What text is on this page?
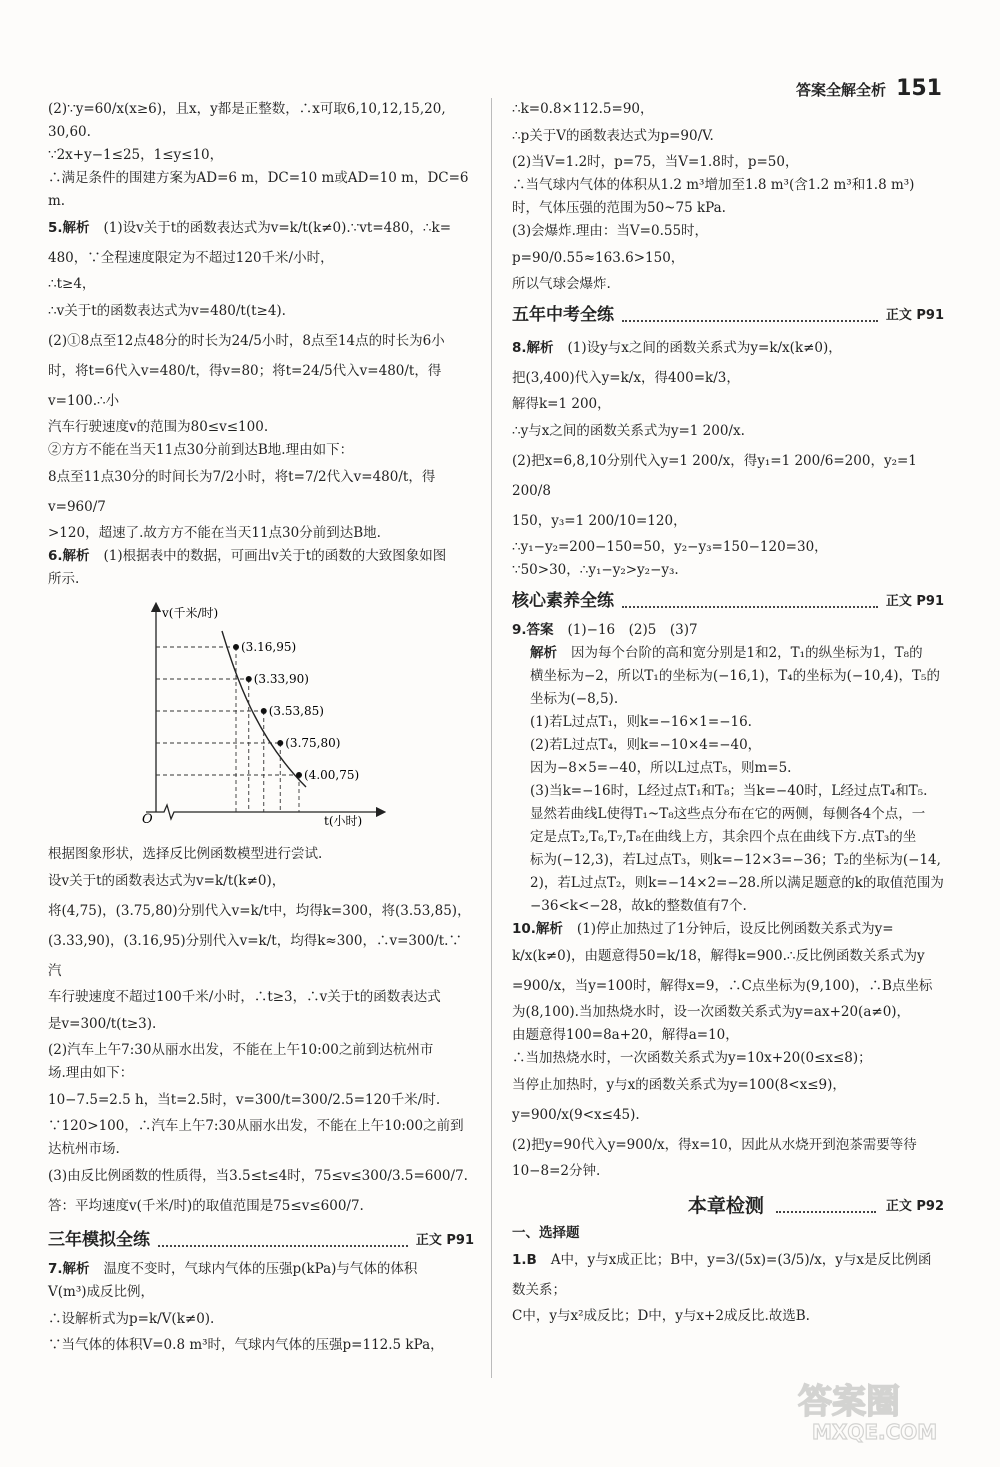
答案全解全析 151

(2)∵y=60/x(x≥6)，且x，y都是正整数，∴x可取6,10,12,15,20,

30,60.

∵2x+y−1≤25，1≤y≤10，

∴满足条件的围建方案为AD=6 m，DC=10 m或AD=10 m，DC=6 m.

5.解析 (1)设v关于t的函数表达式为v=k/t(k≠0).∵vt=480，∴k=

480，∵全程速度限定为不超过120千米/小时，

∴t≥4，

∴v关于t的函数表达式为v=480/t(t≥4).

(2)①8点至12点48分的时长为24/5小时，8点至14点的时长为6小

时，将t=6代入v=480/t，得v=80；将t=24/5代入v=480/t，得v=100.∴小

汽车行驶速度v的范围为80≤v≤100.

②方方不能在当天11点30分前到达B地.理由如下：

8点至11点30分的时间长为7/2小时，将t=7/2代入v=480/t，得v=960/7

>120，超速了.故方方不能在当天11点30分前到达B地.

6.解析 (1)根据表中的数据，可画出v关于t的函数的大致图象如图

所示.

v(千米/时)
t(小时)
O
(3.16,95)
(3.33,90)
(3.53,85)
(3.75,80)
(4.00,75)

根据图象形状，选择反比例函数模型进行尝试.

设v关于t的函数表达式为v=k/t(k≠0)，

将(4,75)，(3.75,80)分别代入v=k/t中，均得k=300，将(3.53,85)，

(3.33,90)，(3.16,95)分别代入v=k/t，均得k≈300，∴v=300/t.∵汽

车行驶速度不超过100千米/小时，∴t≥3，∴v关于t的函数表达式

是v=300/t(t≥3).

(2)汽车上午7:30从丽水出发，不能在上午10:00之前到达杭州市

场.理由如下：

10−7.5=2.5 h，当t=2.5时，v=300/t=300/2.5=120千米/时.

∵120>100，∴汽车上午7:30从丽水出发，不能在上午10:00之前到

达杭州市场.

(3)由反比例函数的性质得，当3.5≤t≤4时，75≤v≤300/3.5=600/7.

答：平均速度v(千米/时)的取值范围是75≤v≤600/7.

三年模拟全练	正文 P91

7.解析 温度不变时，气球内气体的压强p(kPa)与气体的体积

V(m³)成反比例，

∴设解析式为p=k/V(k≠0).

∵当气体的体积V=0.8 m³时，气球内气体的压强p=112.5 kPa，

∴k=0.8×112.5=90，

∴p关于V的函数表达式为p=90/V.

(2)当V=1.2时，p=75，当V=1.8时，p=50，

∴当气球内气体的体积从1.2 m³增加至1.8 m³(含1.2 m³和1.8 m³)

时，气体压强的范围为50~75 kPa.

(3)会爆炸.理由：当V=0.55时，

p=90/0.55≈163.6>150，

所以气球会爆炸.

五年中考全练	正文 P91

8.解析 (1)设y与x之间的函数关系式为y=k/x(k≠0)，

把(3,400)代入y=k/x，得400=k/3，

解得k=1 200，

∴y与x之间的函数关系式为y=1 200/x.

(2)把x=6,8,10分别代入y=1 200/x，得y₁=1 200/6=200，y₂=1 200/8

150，y₃=1 200/10=120，

∴y₁−y₂=200−150=50，y₂−y₃=150−120=30，

∵50>30，∴y₁−y₂>y₂−y₃.

核心素养全练	正文 P91

9.答案 (1)−16　(2)5　(3)7

解析 因为每个台阶的高和宽分别是1和2，T₁的纵坐标为1，T₈的

横坐标为−2，所以T₁的坐标为(−16,1)，T₄的坐标为(−10,4)，T₅的

坐标为(−8,5).

(1)若L过点T₁，则k=−16×1=−16.

(2)若L过点T₄，则k=−10×4=−40，

因为−8×5=−40，所以L过点T₅，则m=5.

(3)当k=−16时，L经过点T₁和T₈；当k=−40时，L经过点T₄和T₅.

显然若曲线L使得T₁~T₈这些点分布在它的两侧，每侧各4个点，一

定是点T₂,T₆,T₇,T₈在曲线上方，其余四个点在曲线下方.点T₃的坐

标为(−12,3)，若L过点T₃，则k=−12×3=−36；T₂的坐标为(−14,

2)，若L过点T₂，则k=−14×2=−28.所以满足题意的k的取值范围为

−36<k<−28，故k的整数值有7个.

10.解析 (1)停止加热过了1分钟后，设反比例函数关系式为y=

k/x(k≠0)，由题意得50=k/18，解得k=900.∴反比例函数关系式为y

=900/x，当y=100时，解得x=9，∴C点坐标为(9,100)，∴B点坐标

为(8,100).当加热烧水时，设一次函数关系式为y=ax+20(a≠0)，

由题意得100=8a+20，解得a=10，

∴当加热烧水时，一次函数关系式为y=10x+20(0≤x≤8)；

当停止加热时，y与x的函数关系式为y=100(8<x≤9)，y=900/x(9<x≤45).

(2)把y=90代入y=900/x，得x=10，因此从水烧开到泡茶需要等待

10−8=2分钟.

本章检测	正文 P92

一、选择题

1.B A中，y与x成正比；B中，y=3/(5x)=(3/5)/x，y与x是反比例函数关系；

C中，y与x²成反比；D中，y与x+2成反比.故选B.

答案圈
MXQE.COM
